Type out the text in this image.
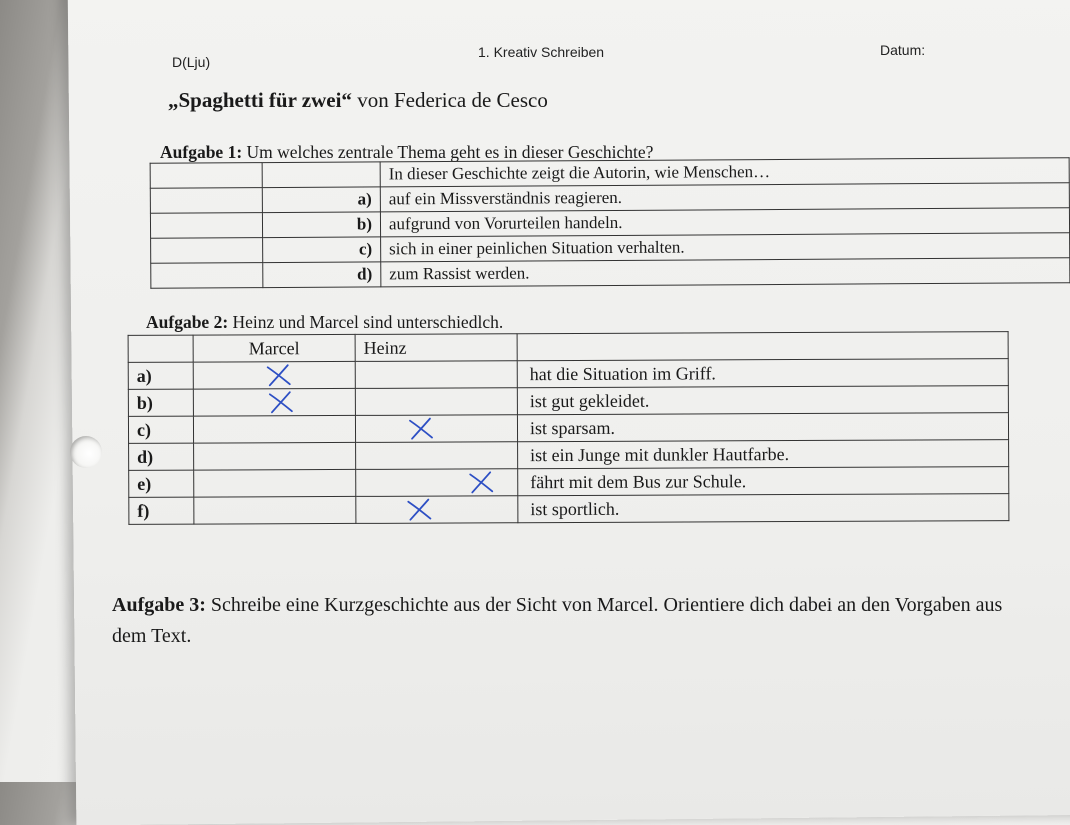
D(Lju)
1. Kreativ Schreiben	Datum:
„Spaghetti für zwei“ von Federica de Cesco
Aufgabe 1: Um welches zentrale Thema geht es in dieser Geschichte?
		In dieser Geschichte zeigt die Autorin, wie Menschen…
	a)	auf ein Missverständnis reagieren.
	b)	aufgrund von Vorurteilen handeln.
	c)	sich in einer peinlichen Situation verhalten.
	d)	zum Rassist werden.
Aufgabe 2: Heinz und Marcel sind unterschiedlch.
	Marcel	Heinz	
a)			hat die Situation im Griff.
b)			ist gut gekleidet.
c)			ist sparsam.
d)			ist ein Junge mit dunkler Hautfarbe.
e)			fährt mit dem Bus zur Schule.
f)			ist sportlich.
Aufgabe 3: Schreibe eine Kurzgeschichte aus der Sicht von Marcel. Orientiere dich dabei an den Vorgaben aus dem Text.
